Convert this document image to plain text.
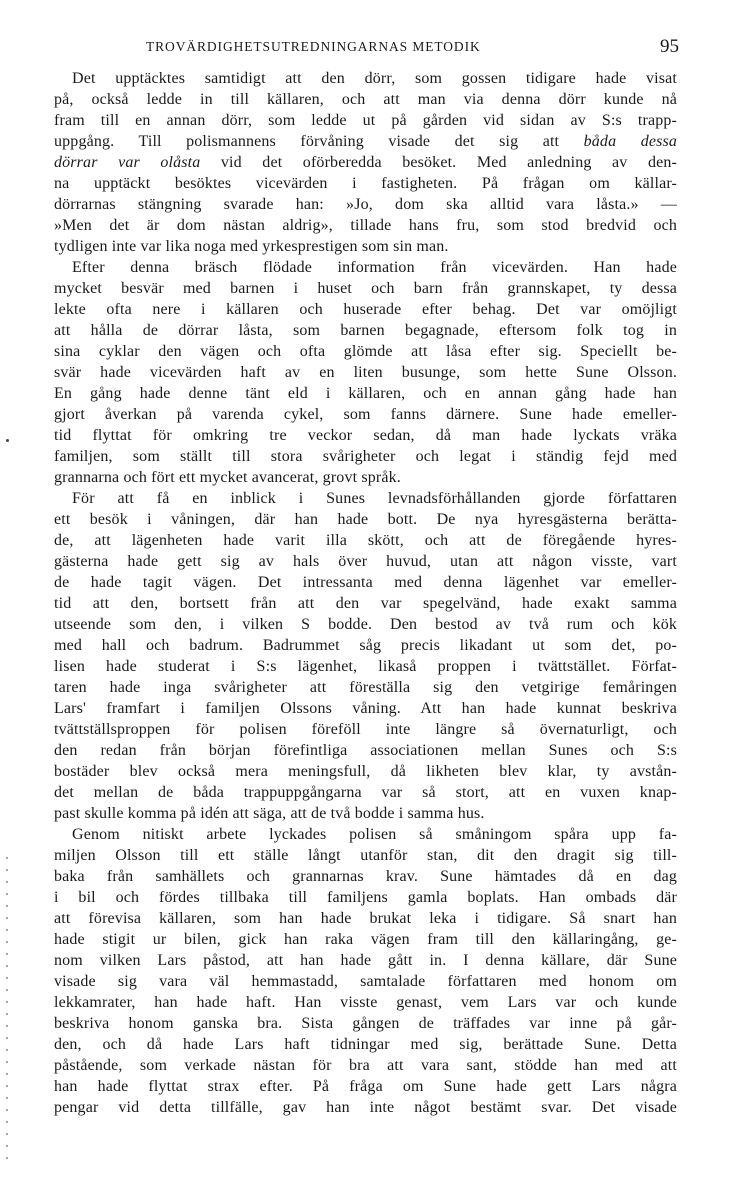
TROVÄRDIGHETSUTREDNINGARNAS METODIK	95
Det upptäcktes samtidigt att den dörr, som gossen tidigare hade visat
på, också ledde in till källaren, och att man via denna dörr kunde nå
fram till en annan dörr, som ledde ut på gården vid sidan av S:s trapp-
uppgång. Till polismannens förvåning visade det sig att båda dessa
dörrar var olåsta vid det oförberedda besöket. Med anledning av den-
na upptäckt besöktes vicevärden i fastigheten. På frågan om källar-
dörrarnas stängning svarade han: »Jo, dom ska alltid vara låsta.» —
»Men det är dom nästan aldrig», tillade hans fru, som stod bredvid och
tydligen inte var lika noga med yrkesprestigen som sin man.
Efter denna bräsch flödade information från vicevärden. Han hade
mycket besvär med barnen i huset och barn från grannskapet, ty dessa
lekte ofta nere i källaren och huserade efter behag. Det var omöjligt
att hålla de dörrar låsta, som barnen begagnade, eftersom folk tog in
sina cyklar den vägen och ofta glömde att låsa efter sig. Speciellt be-
svär hade vicevärden haft av en liten busunge, som hette Sune Olsson.
En gång hade denne tänt eld i källaren, och en annan gång hade han
gjort åverkan på varenda cykel, som fanns därnere. Sune hade emeller-
tid flyttat för omkring tre veckor sedan, då man hade lyckats vräka
familjen, som ställt till stora svårigheter och legat i ständig fejd med
grannarna och fört ett mycket avancerat, grovt språk.
För att få en inblick i Sunes levnadsförhållanden gjorde författaren
ett besök i våningen, där han hade bott. De nya hyresgästerna berätta-
de, att lägenheten hade varit illa skött, och att de föregående hyres-
gästerna hade gett sig av hals över huvud, utan att någon visste, vart
de hade tagit vägen. Det intressanta med denna lägenhet var emeller-
tid att den, bortsett från att den var spegelvänd, hade exakt samma
utseende som den, i vilken S bodde. Den bestod av två rum och kök
med hall och badrum. Badrummet såg precis likadant ut som det, po-
lisen hade studerat i S:s lägenhet, likaså proppen i tvättstället. Förfat-
taren hade inga svårigheter att föreställa sig den vetgirige femåringen
Lars' framfart i familjen Olssons våning. Att han hade kunnat beskriva
tvättställsproppen för polisen föreföll inte längre så övernaturligt, och
den redan från början förefintliga associationen mellan Sunes och S:s
bostäder blev också mera meningsfull, då likheten blev klar, ty avstån-
det mellan de båda trappuppgångarna var så stort, att en vuxen knap-
past skulle komma på idén att säga, att de två bodde i samma hus.
Genom nitiskt arbete lyckades polisen så småningom spåra upp fa-
miljen Olsson till ett ställe långt utanför stan, dit den dragit sig till-
baka från samhällets och grannarnas krav. Sune hämtades då en dag
i bil och fördes tillbaka till familjens gamla boplats. Han ombads där
att förevisa källaren, som han hade brukat leka i tidigare. Så snart han
hade stigit ur bilen, gick han raka vägen fram till den källaringång, ge-
nom vilken Lars påstod, att han hade gått in. I denna källare, där Sune
visade sig vara väl hemmastadd, samtalade författaren med honom om
lekkamrater, han hade haft. Han visste genast, vem Lars var och kunde
beskriva honom ganska bra. Sista gången de träffades var inne på går-
den, och då hade Lars haft tidningar med sig, berättade Sune. Detta
påstående, som verkade nästan för bra att vara sant, stödde han med att
han hade flyttat strax efter. På fråga om Sune hade gett Lars några
pengar vid detta tillfälle, gav han inte något bestämt svar. Det visade
